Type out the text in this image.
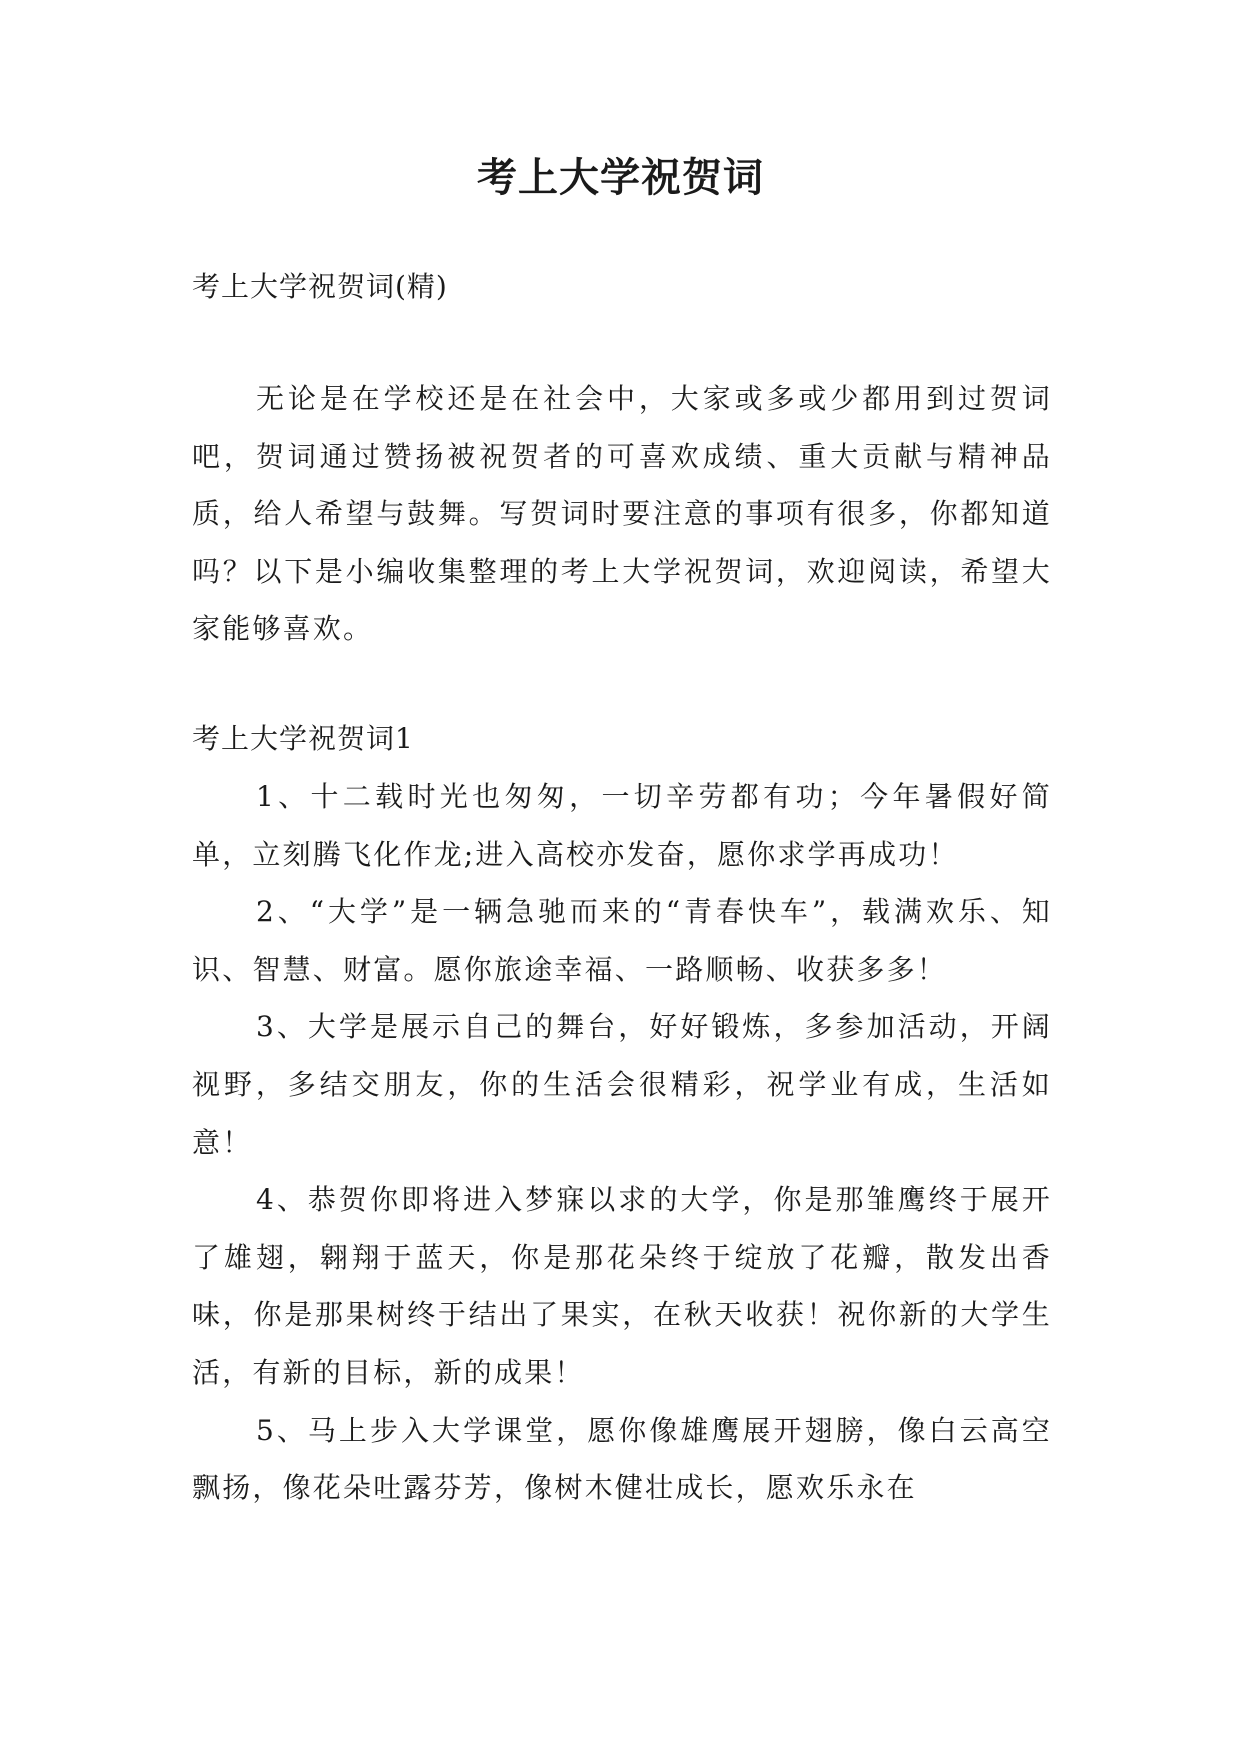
考上大学祝贺词

考上大学祝贺词(精)

无论是在学校还是在社会中，大家或多或少都用到过贺词吧，贺词通过赞扬被祝贺者的可喜欢成绩、重大贡献与精神品质，给人希望与鼓舞。写贺词时要注意的事项有很多，你都知道吗？以下是小编收集整理的考上大学祝贺词，欢迎阅读，希望大家能够喜欢。

考上大学祝贺词1

1、十二载时光也匆匆，一切辛劳都有功；今年暑假好简单，立刻腾飞化作龙;进入高校亦发奋，愿你求学再成功！

2、“大学”是一辆急驰而来的“青春快车”，载满欢乐、知识、智慧、财富。愿你旅途幸福、一路顺畅、收获多多！

3、大学是展示自己的舞台，好好锻炼，多参加活动，开阔视野，多结交朋友，你的生活会很精彩，祝学业有成，生活如意！

4、恭贺你即将进入梦寐以求的大学，你是那雏鹰终于展开了雄翅，翱翔于蓝天，你是那花朵终于绽放了花瓣，散发出香味，你是那果树终于结出了果实，在秋天收获！祝你新的大学生活，有新的目标，新的成果！

5、马上步入大学课堂，愿你像雄鹰展开翅膀，像白云高空飘扬，像花朵吐露芬芳，像树木健壮成长，愿欢乐永在
